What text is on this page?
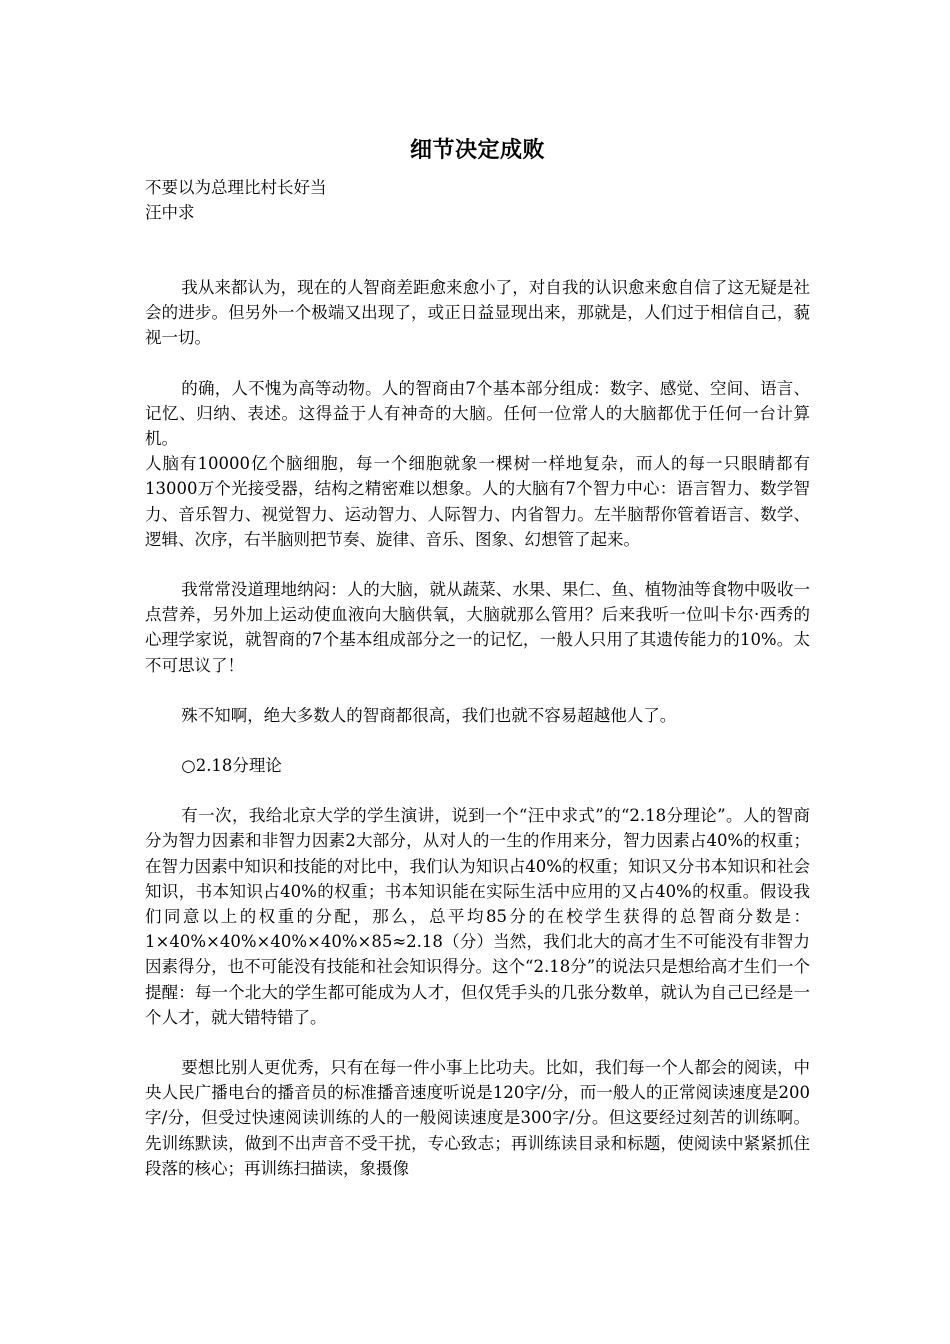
细节决定成败

不要以为总理比村长好当

汪中求

我从来都认为，现在的人智商差距愈来愈小了，对自我的认识愈来愈自信了这无疑是社会的进步。但另外一个极端又出现了，或正日益显现出来，那就是，人们过于相信自己，藐视一切。

的确，人不愧为高等动物。人的智商由7个基本部分组成：数字、感觉、空间、语言、记忆、归纳、表述。这得益于人有神奇的大脑。任何一位常人的大脑都优于任何一台计算机。

人脑有10000亿个脑细胞，每一个细胞就象一棵树一样地复杂，而人的每一只眼睛都有13000万个光接受器，结构之精密难以想象。人的大脑有7个智力中心：语言智力、数学智力、音乐智力、视觉智力、运动智力、人际智力、内省智力。左半脑帮你管着语言、数学、逻辑、次序，右半脑则把节奏、旋律、音乐、图象、幻想管了起来。

我常常没道理地纳闷：人的大脑，就从蔬菜、水果、果仁、鱼、植物油等食物中吸收一点营养，另外加上运动使血液向大脑供氧，大脑就那么管用？后来我听一位叫卡尔·西秀的心理学家说，就智商的7个基本组成部分之一的记忆，一般人只用了其遗传能力的10%。太不可思议了！

殊不知啊，绝大多数人的智商都很高，我们也就不容易超越他人了。

○2.18分理论

有一次，我给北京大学的学生演讲，说到一个“汪中求式”的“2.18分理论”。人的智商分为智力因素和非智力因素2大部分，从对人的一生的作用来分，智力因素占40%的权重；在智力因素中知识和技能的对比中，我们认为知识占40%的权重；知识又分书本知识和社会知识，书本知识占40%的权重；书本知识能在实际生活中应用的又占40%的权重。假设我们同意以上的权重的分配，那么，总平均85分的在校学生获得的总智商分数是：1×40%×40%×40%×40%×85≈2.18（分）当然，我们北大的高才生不可能没有非智力因素得分，也不可能没有技能和社会知识得分。这个“2.18分”的说法只是想给高才生们一个提醒：每一个北大的学生都可能成为人才，但仅凭手头的几张分数单，就认为自己已经是一个人才，就大错特错了。

要想比别人更优秀，只有在每一件小事上比功夫。比如，我们每一个人都会的阅读，中央人民广播电台的播音员的标准播音速度听说是120字/分，而一般人的正常阅读速度是200字/分，但受过快速阅读训练的人的一般阅读速度是300字/分。但这要经过刻苦的训练啊。先训练默读，做到不出声音不受干扰，专心致志；再训练读目录和标题，使阅读中紧紧抓住段落的核心；再训练扫描读，象摄像
